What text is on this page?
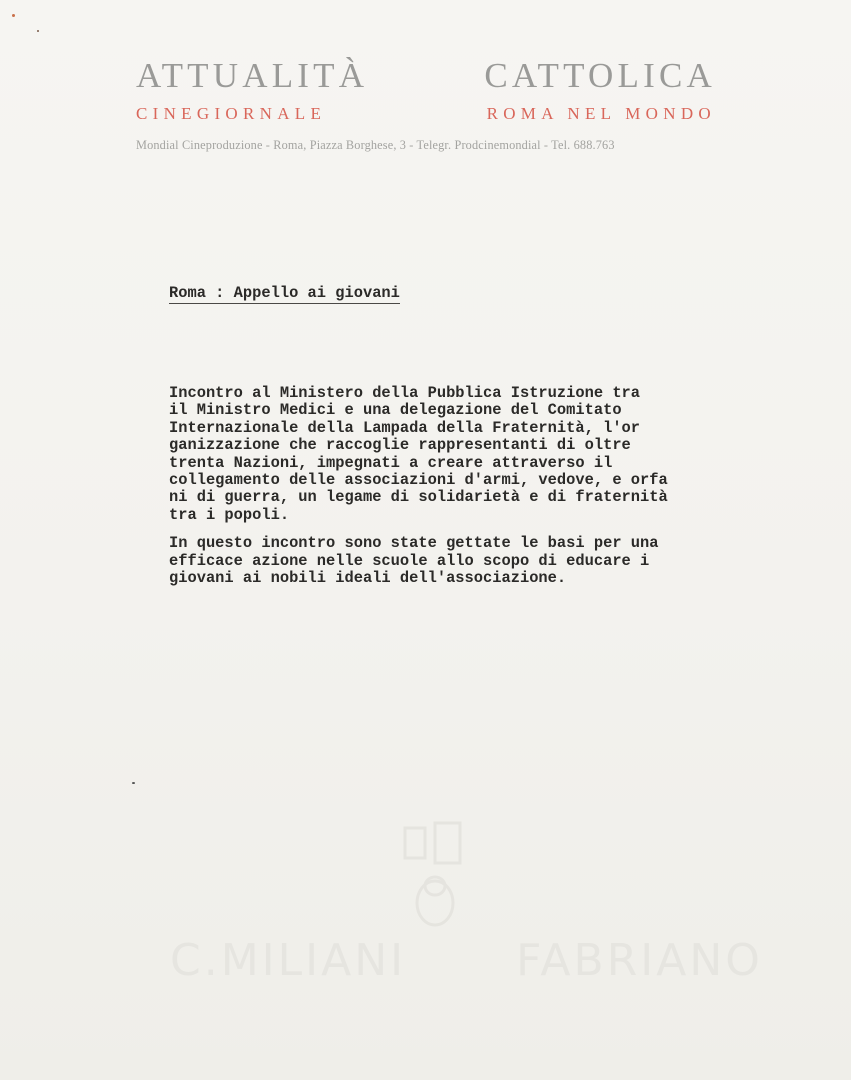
C.MILIANI	FABRIANO
ATTUALITÀ	CATTOLICA
CINEGIORNALE	ROMA NEL MONDO
Mondial Cineproduzione - Roma, Piazza Borghese, 3 - Telegr. Prodcinemondial - Tel. 688.763
Roma : Appello ai giovani
Incontro al Ministero della Pubblica Istruzione tra
il Ministro Medici e una delegazione del Comitato
Internazionale della Lampada della Fraternità, l'or
ganizzazione che raccoglie rappresentanti di oltre
trenta Nazioni, impegnati a creare attraverso il
collegamento delle associazioni d'armi, vedove, e orfa
ni di guerra, un legame di solidarietà e di fraternità
tra i popoli.
In questo incontro sono state gettate le basi per una
efficace azione nelle scuole allo scopo di educare i
giovani ai nobili ideali dell'associazione.
